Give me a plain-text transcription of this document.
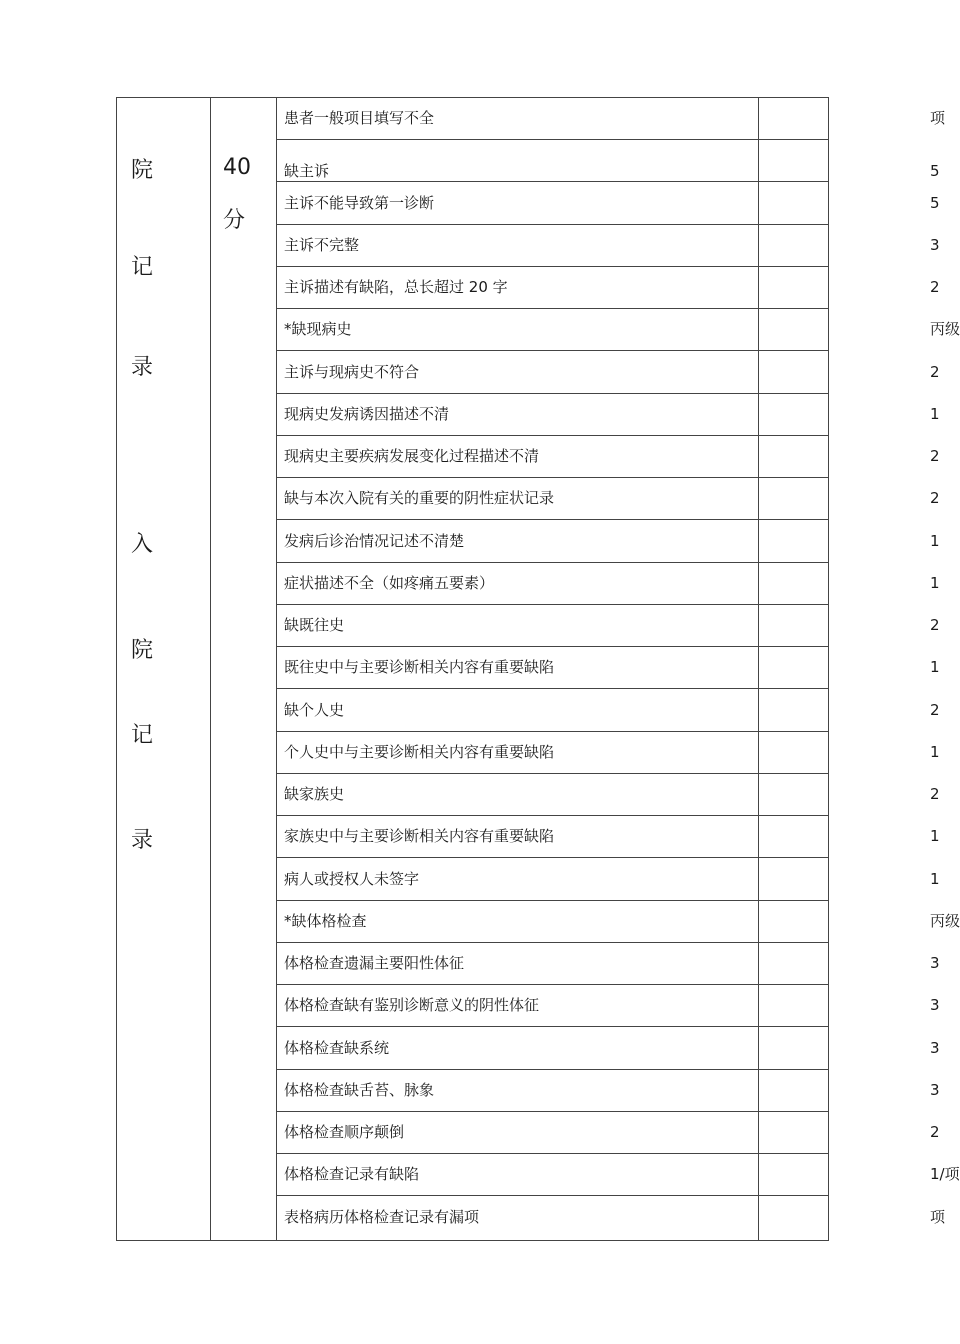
院
记
录
入
院
记
录
40
分
患者一般项目填写不全	项
缺主诉	5
主诉不能导致第一诊断	5
主诉不完整	3
主诉描述有缺陷，总长超过 20 字	2
*缺现病史	丙级
主诉与现病史不符合	2
现病史发病诱因描述不清	1
现病史主要疾病发展变化过程描述不清	2
缺与本次入院有关的重要的阴性症状记录	2
发病后诊治情况记述不清楚	1
症状描述不全（如疼痛五要素）	1
缺既往史	2
既往史中与主要诊断相关内容有重要缺陷	1
缺个人史	2
个人史中与主要诊断相关内容有重要缺陷	1
缺家族史	2
家族史中与主要诊断相关内容有重要缺陷	1
病人或授权人未签字	1
*缺体格检查	丙级
体格检查遗漏主要阳性体征	3
体格检查缺有鉴别诊断意义的阴性体征	3
体格检查缺系统	3
体格检查缺舌苔、脉象	3
体格检查顺序颠倒	2
体格检查记录有缺陷	1/项
表格病历体格检查记录有漏项	项
